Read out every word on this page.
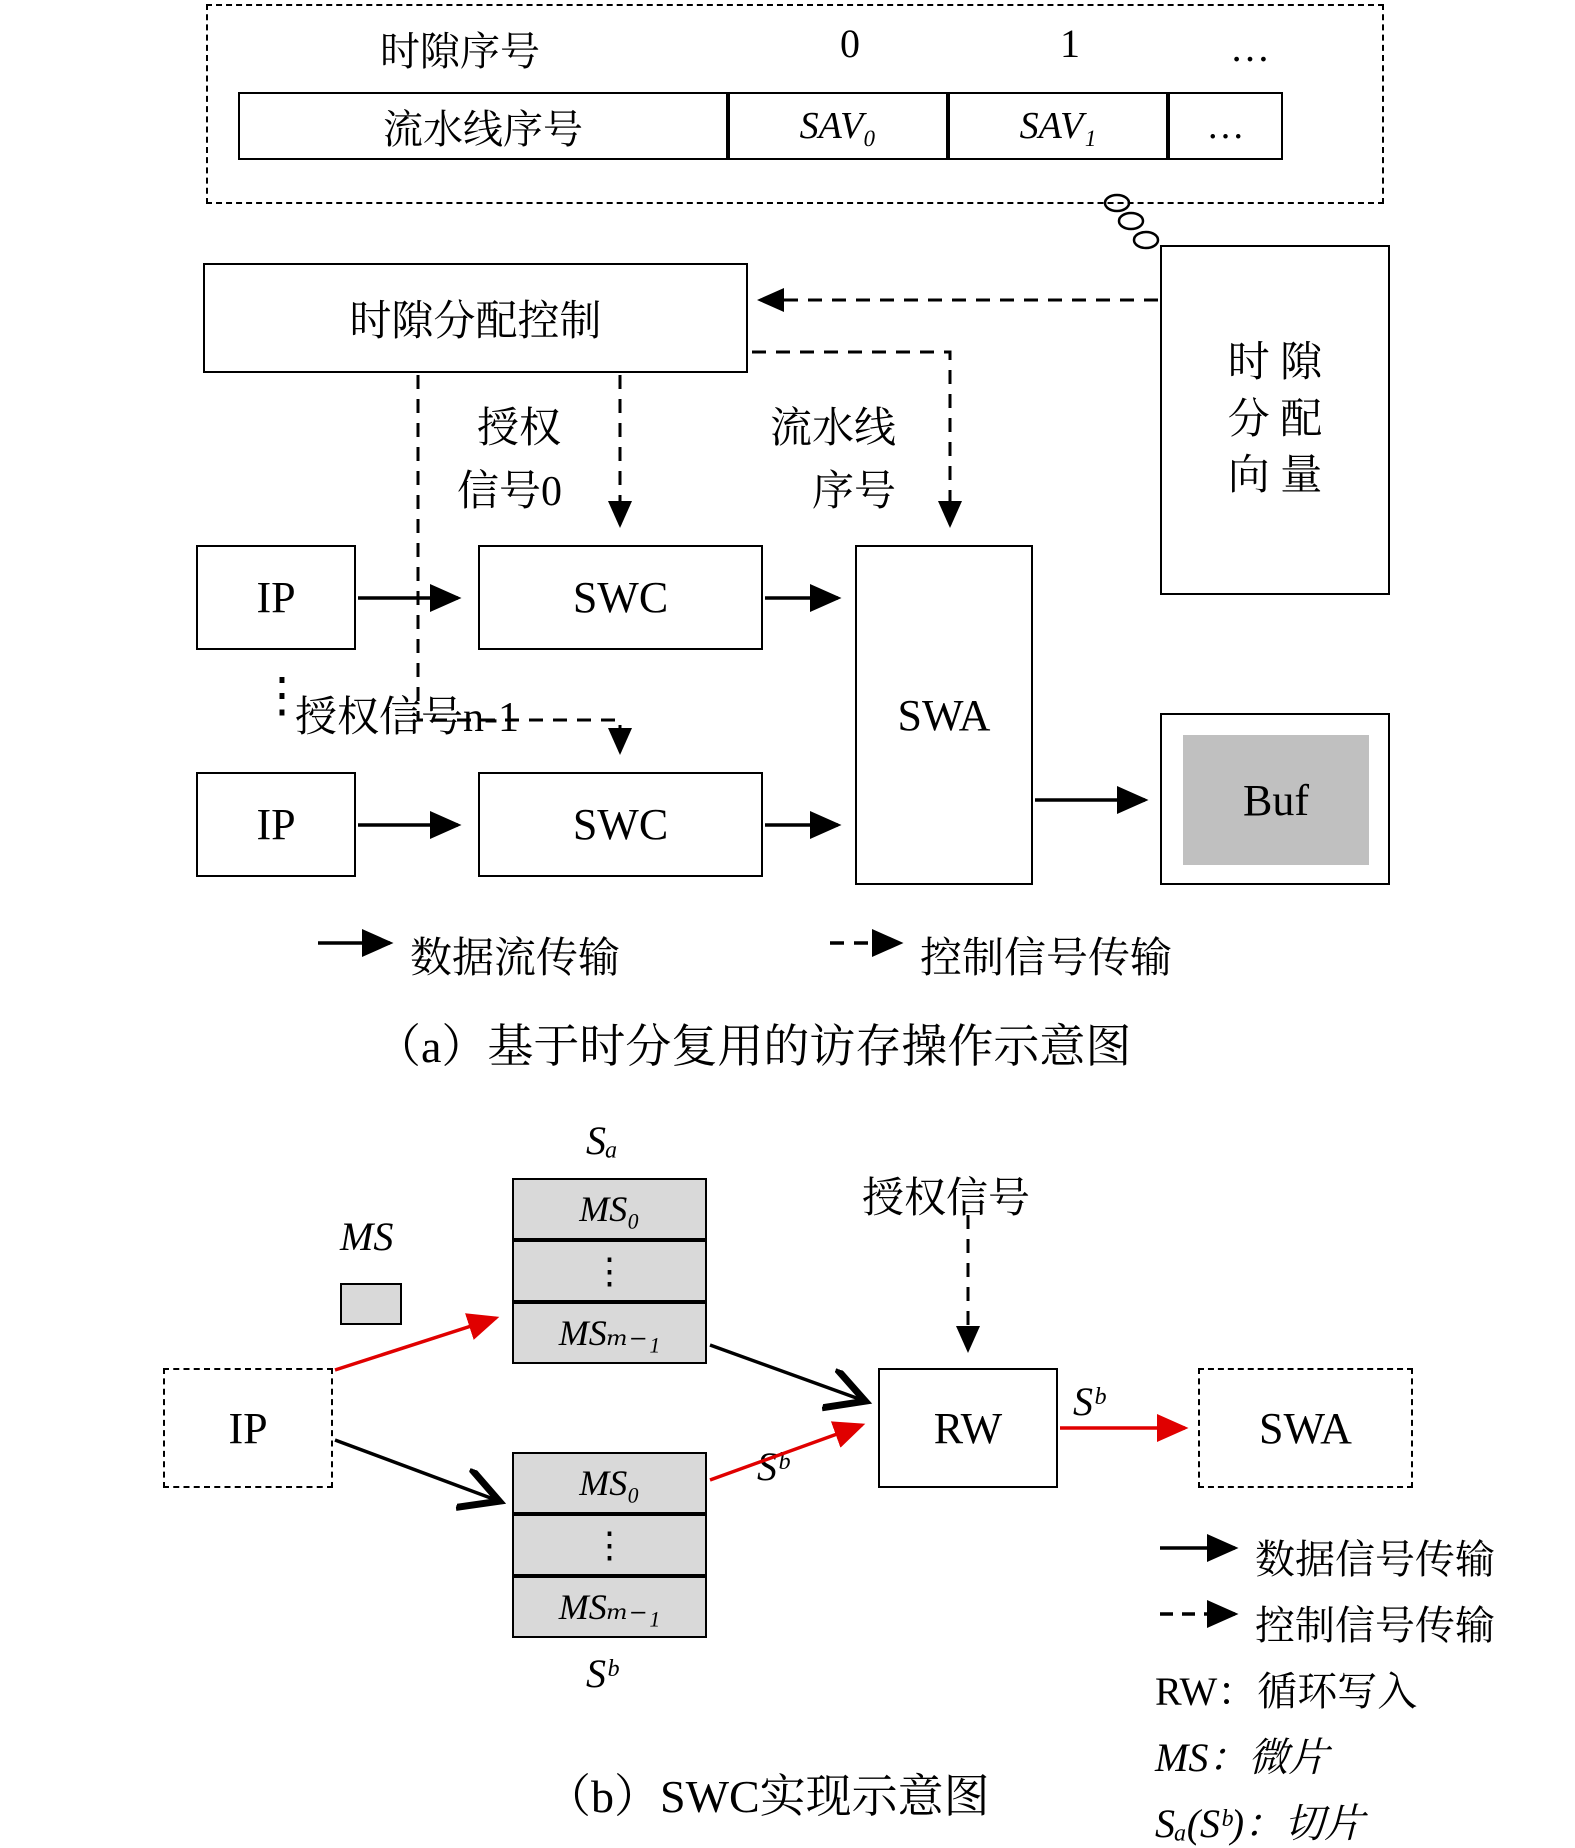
时隙序号	0	1	…
流水线序号	SAV₀	SAV₁	…
时隙分配控制
时 隙
分 配
向 量
授权
信号0
流水线
序号
IP	SWC
SWA
Buf
⋮
授权信号n-1
IP	SWC
数据流传输	控制信号传输
（a）基于时分复用的访存操作示意图
Sₐ
MS
授权信号
MS₀
⋮
MSₘ₋₁
MS₀
⋮
MSₘ₋₁
Sᵇ
Sᵇ
Sᵇ
IP	RW	SWA
数据信号传输
控制信号传输
RW：循环写入
MS：微片
Sₐ(Sᵇ)：切片
（b）SWC实现示意图
